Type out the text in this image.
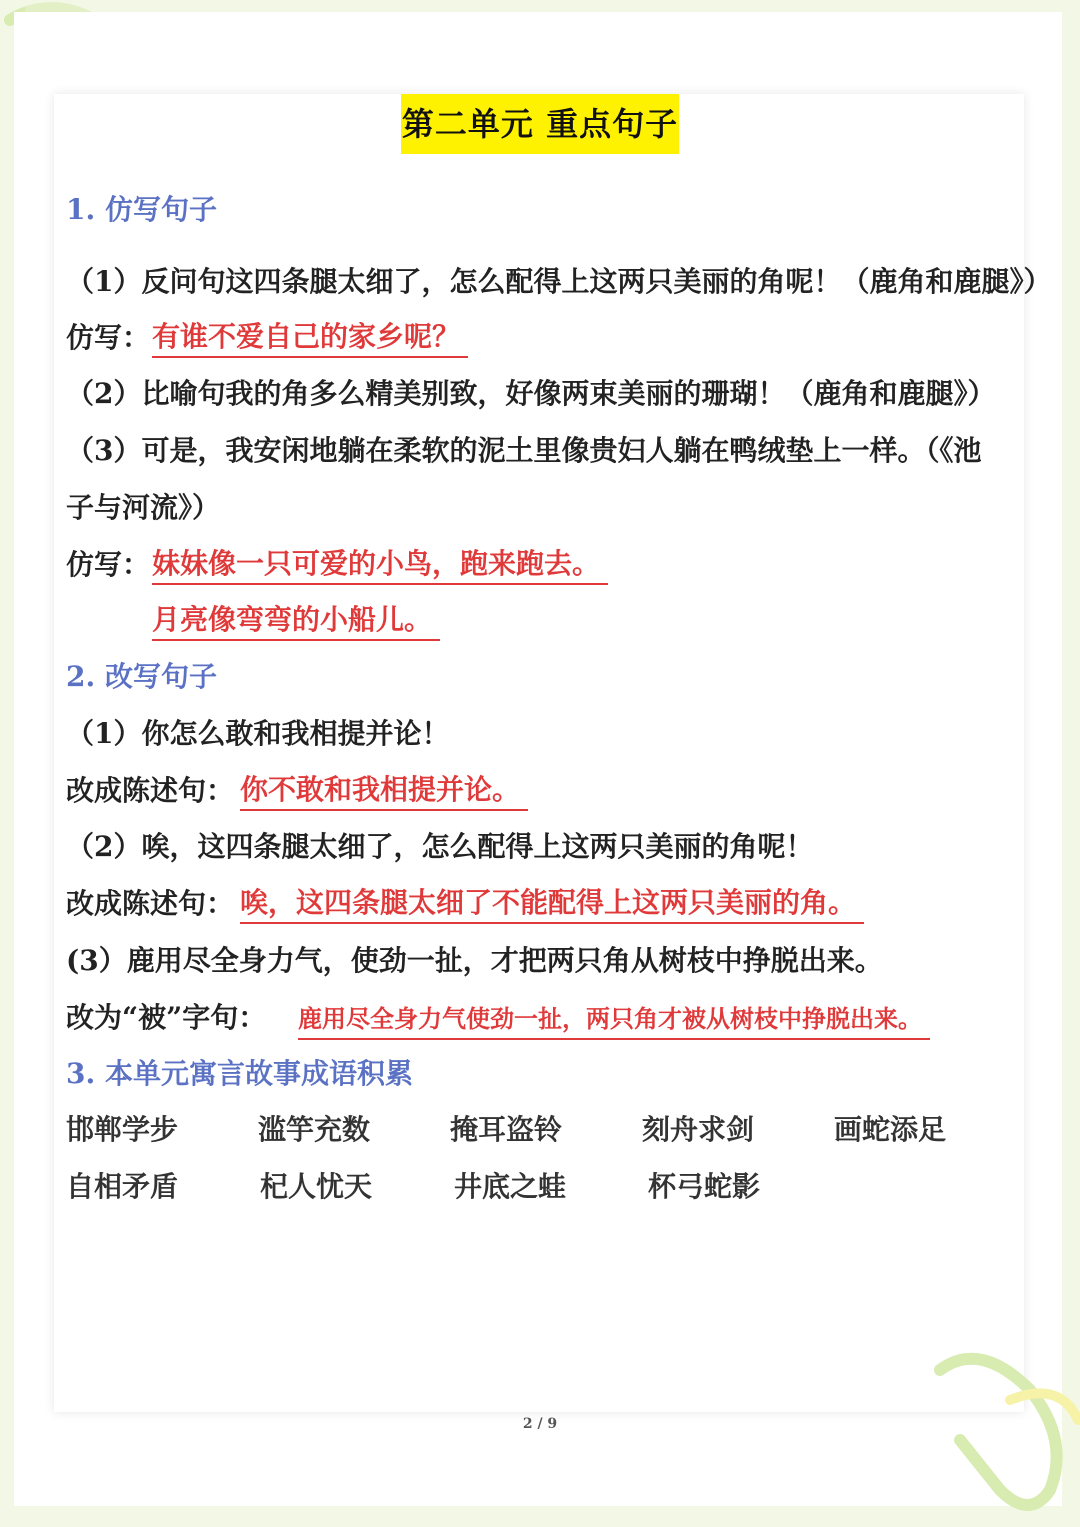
第二单元 重点句子
1. 仿写句子
（1）反问句这四条腿太细了，怎么配得上这两只美丽的角呢！（鹿角和鹿腿》）
仿写： 有谁不爱自己的家乡呢？
（2）比喻句我的角多么精美别致，好像两束美丽的珊瑚！（鹿角和鹿腿》）
（3）可是，我安闲地躺在柔软的泥土里像贵妇人躺在鸭绒垫上一样。（《池
子与河流》）
仿写： 妹妹像一只可爱的小鸟，跑来跑去。
月亮像弯弯的小船儿。
2. 改写句子
（1）你怎么敢和我相提并论！
改成陈述句： 你不敢和我相提并论。
（2）唉，这四条腿太细了，怎么配得上这两只美丽的角呢！
改成陈述句： 唉，这四条腿太细了不能配得上这两只美丽的角。
(3）鹿用尽全身力气，使劲一扯，才把两只角从树枝中挣脱出来。
改为“被”字句： 鹿用尽全身力气使劲一扯，两只角才被从树枝中挣脱出来。
3. 本单元寓言故事成语积累
邯郸学步	滥竽充数	掩耳盗铃	刻舟求剑	画蛇添足
自相矛盾	杞人忧天	井底之蛙	杯弓蛇影
2 / 9
